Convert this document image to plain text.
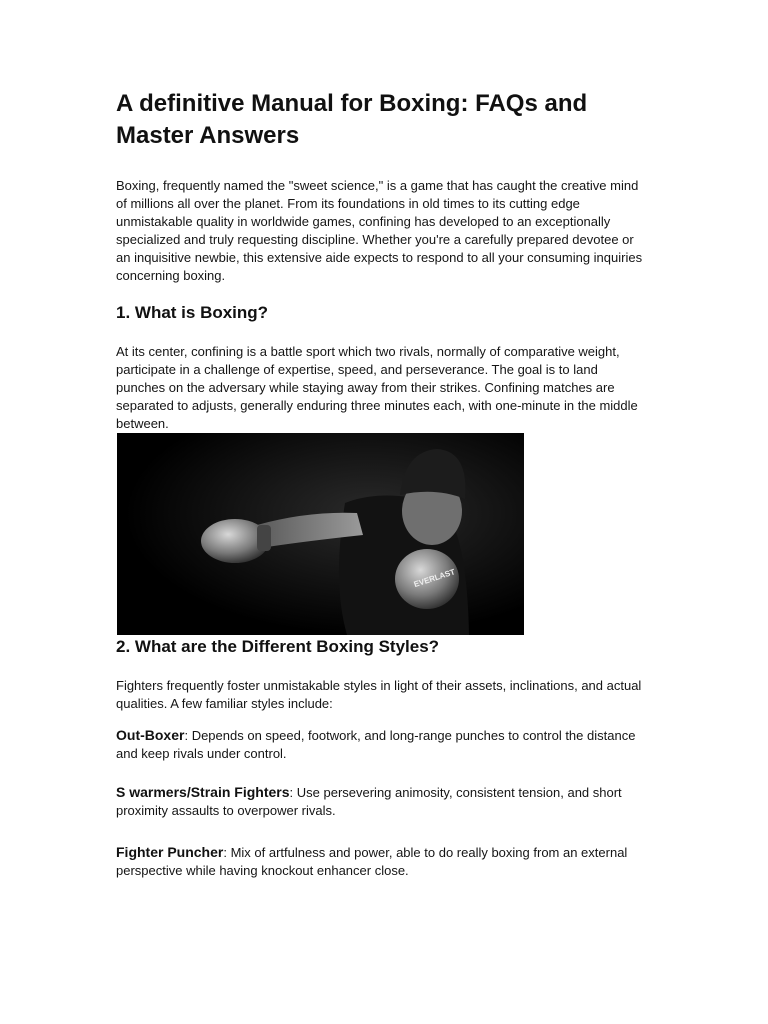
A definitive Manual for Boxing: FAQs and Master Answers

Boxing, frequently named the "sweet science," is a game that has caught the creative mind of millions all over the planet. From its foundations in old times to its cutting edge unmistakable quality in worldwide games, confining has developed to an exceptionally specialized and truly requesting discipline. Whether you're a carefully prepared devotee or an inquisitive newbie, this extensive aide expects to respond to all your consuming inquiries concerning boxing.

1. What is Boxing?

At its center, confining is a battle sport which two rivals, normally of comparative weight, participate in a challenge of expertise, speed, and perseverance. The goal is to land punches on the adversary while staying away from their strikes. Confining matches are separated to adjusts, generally enduring three minutes each, with one-minute in the middle between.

EVERLAST
2. What are the Different Boxing Styles?

Fighters frequently foster unmistakable styles in light of their assets, inclinations, and actual qualities. A few familiar styles include:

Out-Boxer: Depends on speed, footwork, and long-range punches to control the distance and keep rivals under control.

S warmers/Strain Fighters: Use persevering animosity, consistent tension, and short proximity assaults to overpower rivals.

Fighter Puncher: Mix of artfulness and power, able to do really boxing from an external perspective while having knockout enhancer close.
